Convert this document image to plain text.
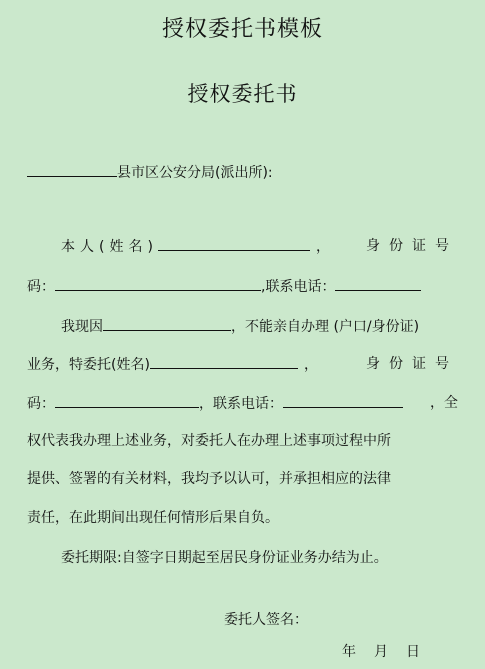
授权委托书模板
授权委托书
县市区公安分局(派出所):
本人(姓名)	，	身份证号
码：	,联系电话：
我现因	，不能亲自办理 (户口/身份证)
业务，特委托(姓名)	，	身份证号
码：	，联系电话：	，全
权代表我办理上述业务，对委托人在办理上述事项过程中所
提供、签署的有关材料，我均予以认可，并承担相应的法律
责任，在此期间出现任何情形后果自负。
委托期限:自签字日期起至居民身份证业务办结为止。
委托人签名：
年 月 日
